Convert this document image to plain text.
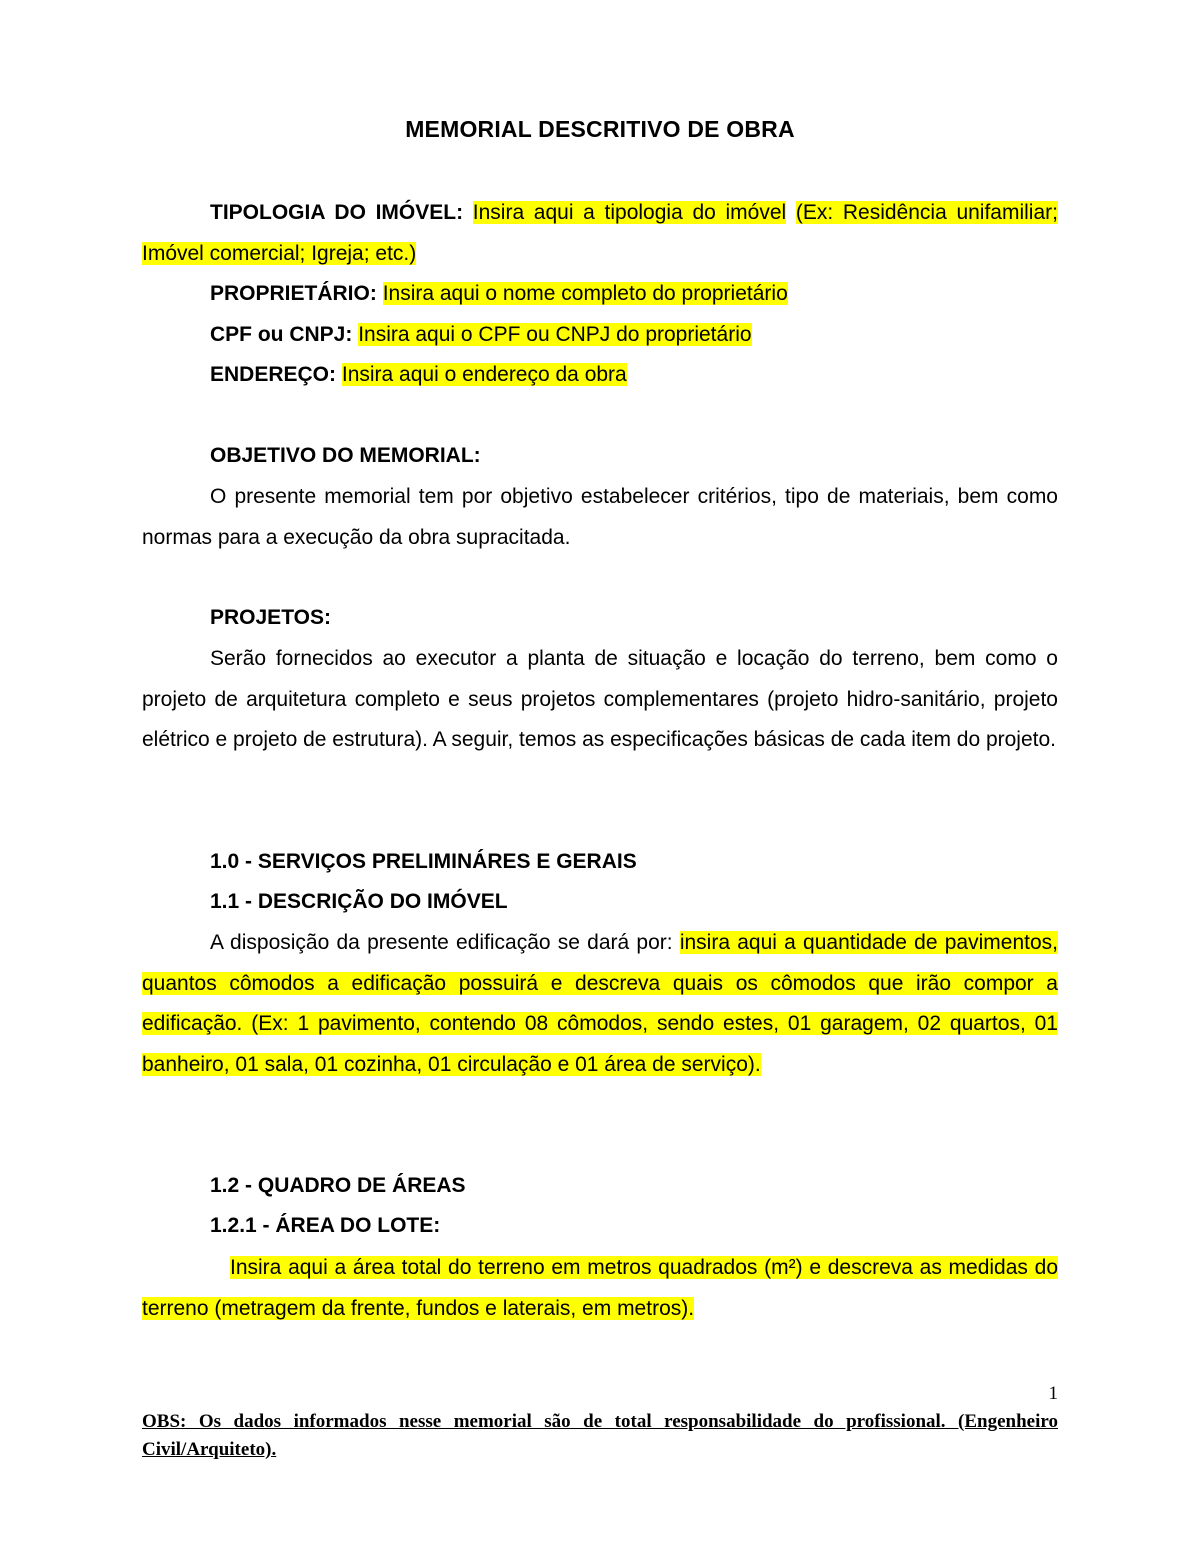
MEMORIAL DESCRITIVO DE OBRA
TIPOLOGIA DO IMÓVEL: Insira aqui a tipologia do imóvel (Ex: Residência unifamiliar; Imóvel comercial; Igreja; etc.)
PROPRIETÁRIO: Insira aqui o nome completo do proprietário
CPF ou CNPJ: Insira aqui o CPF ou CNPJ do proprietário
ENDEREÇO: Insira aqui o endereço da obra
OBJETIVO DO MEMORIAL:
O presente memorial tem por objetivo estabelecer critérios, tipo de materiais, bem como normas para a execução da obra supracitada.
PROJETOS:
Serão fornecidos ao executor a planta de situação e locação do terreno, bem como o projeto de arquitetura completo e seus projetos complementares (projeto hidro-sanitário, projeto elétrico e projeto de estrutura). A seguir, temos as especificações básicas de cada item do projeto.
1.0 - SERVIÇOS PRELIMINÁRES E GERAIS
1.1 - DESCRIÇÃO DO IMÓVEL
A disposição da presente edificação se dará por: insira aqui a quantidade de pavimentos, quantos cômodos a edificação possuirá e descreva quais os cômodos que irão compor a edificação. (Ex: 1 pavimento, contendo 08 cômodos, sendo estes, 01 garagem, 02 quartos, 01 banheiro, 01 sala, 01 cozinha, 01 circulação e 01 área de serviço).
1.2 - QUADRO DE ÁREAS
1.2.1 - ÁREA DO LOTE:
Insira aqui a área total do terreno em metros quadrados (m²) e descreva as medidas do terreno (metragem da frente, fundos e laterais, em metros).
1
OBS: Os dados informados nesse memorial são de total responsabilidade do profissional. (Engenheiro Civil/Arquiteto).
